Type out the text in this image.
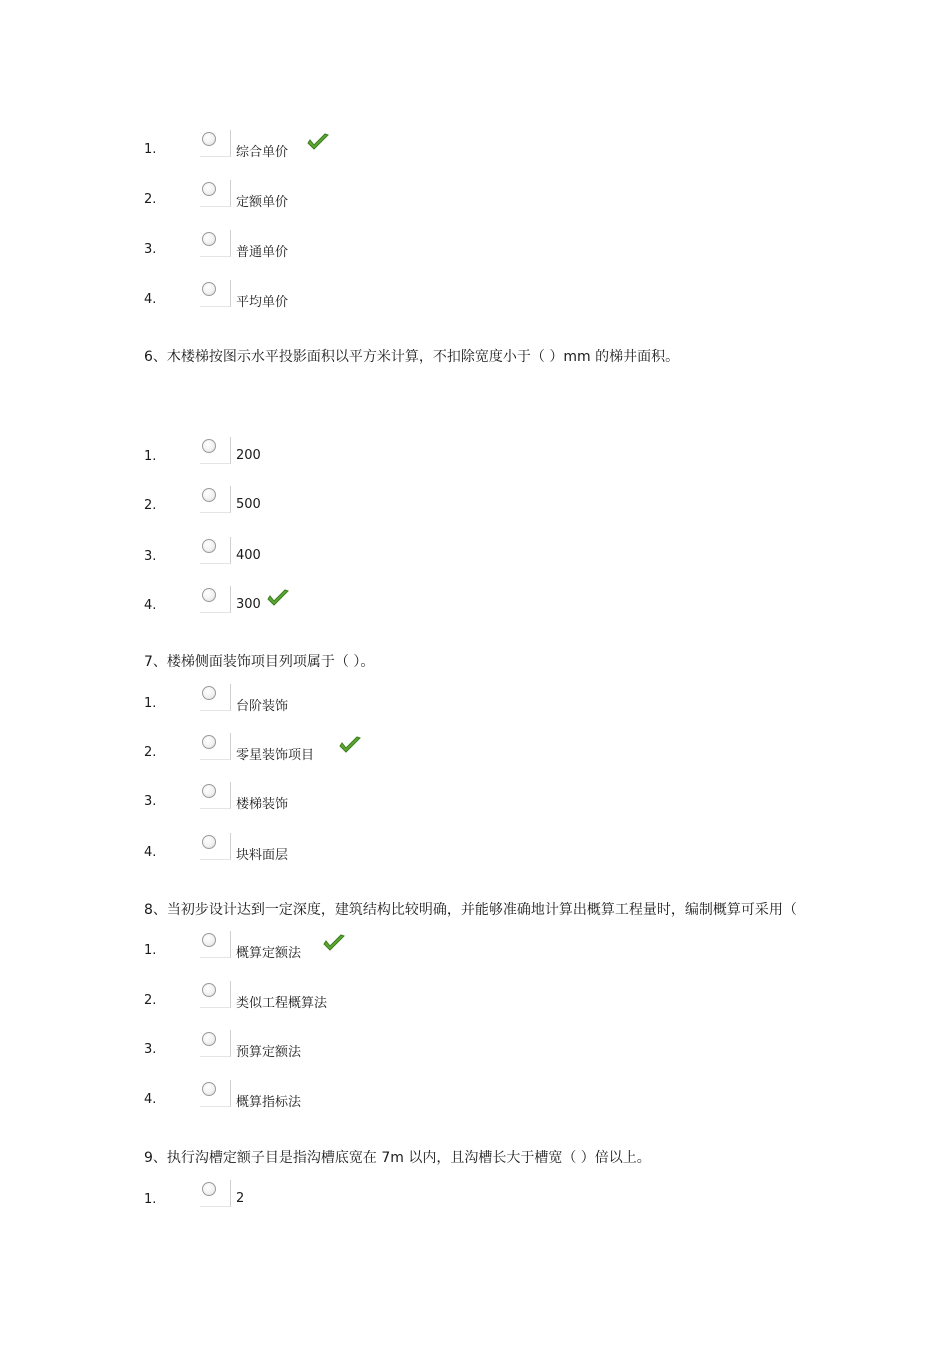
1.	综合单价
2.	定额单价
3.	普通单价
4.	平均单价
6、木楼梯按图示水平投影面积以平方米计算，不扣除宽度小于（ ）mm 的梯井面积。
1.	200
2.	500
3.	400
4.	300
7、楼梯侧面装饰项目列项属于（ ）。
1.	台阶装饰
2.	零星装饰项目
3.	楼梯装饰
4.	块料面层
8、当初步设计达到一定深度，建筑结构比较明确，并能够准确地计算出概算工程量时，编制概算可采用（
1.	概算定额法
2.	类似工程概算法
3.	预算定额法
4.	概算指标法
9、执行沟槽定额子目是指沟槽底宽在 7m 以内，且沟槽长大于槽宽（ ）倍以上。
1.	2
